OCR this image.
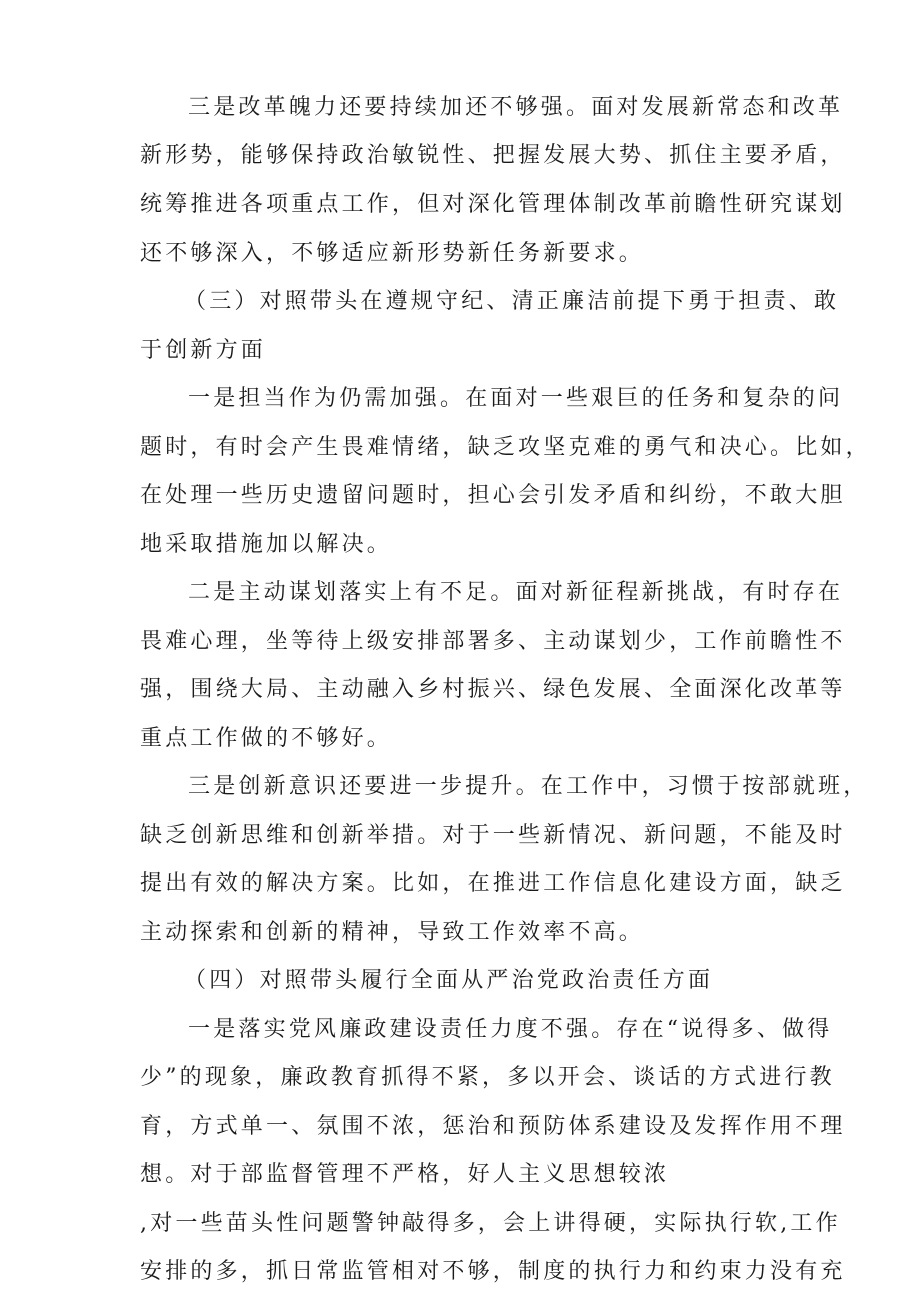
三是改革魄力还要持续加还不够强。面对发展新常态和改革
新形势，能够保持政治敏锐性、把握发展大势、抓住主要矛盾，
统筹推进各项重点工作，但对深化管理体制改革前瞻性研究谋划
还不够深入，不够适应新形势新任务新要求。
（三）对照带头在遵规守纪、清正廉洁前提下勇于担责、敢
于创新方面
一是担当作为仍需加强。在面对一些艰巨的任务和复杂的问
题时，有时会产生畏难情绪，缺乏攻坚克难的勇气和决心。比如，
在处理一些历史遗留问题时，担心会引发矛盾和纠纷，不敢大胆
地采取措施加以解决。
二是主动谋划落实上有不足。面对新征程新挑战，有时存在
畏难心理，坐等待上级安排部署多、主动谋划少，工作前瞻性不
强，围绕大局、主动融入乡村振兴、绿色发展、全面深化改革等
重点工作做的不够好。
三是创新意识还要进一步提升。在工作中，习惯于按部就班，
缺乏创新思维和创新举措。对于一些新情况、新问题，不能及时
提出有效的解决方案。比如，在推进工作信息化建设方面，缺乏
主动探索和创新的精神，导致工作效率不高。
（四）对照带头履行全面从严治党政治责任方面
一是落实党风廉政建设责任力度不强。存在“说得多、做得
少”的现象，廉政教育抓得不紧，多以开会、谈话的方式进行教
育，方式单一、氛围不浓，惩治和预防体系建设及发挥作用不理
想。对于部监督管理不严格，好人主义思想较浓
,对一些苗头性问题警钟敲得多，会上讲得硬，实际执行软,工作
安排的多，抓日常监管相对不够，制度的执行力和约束力没有充
